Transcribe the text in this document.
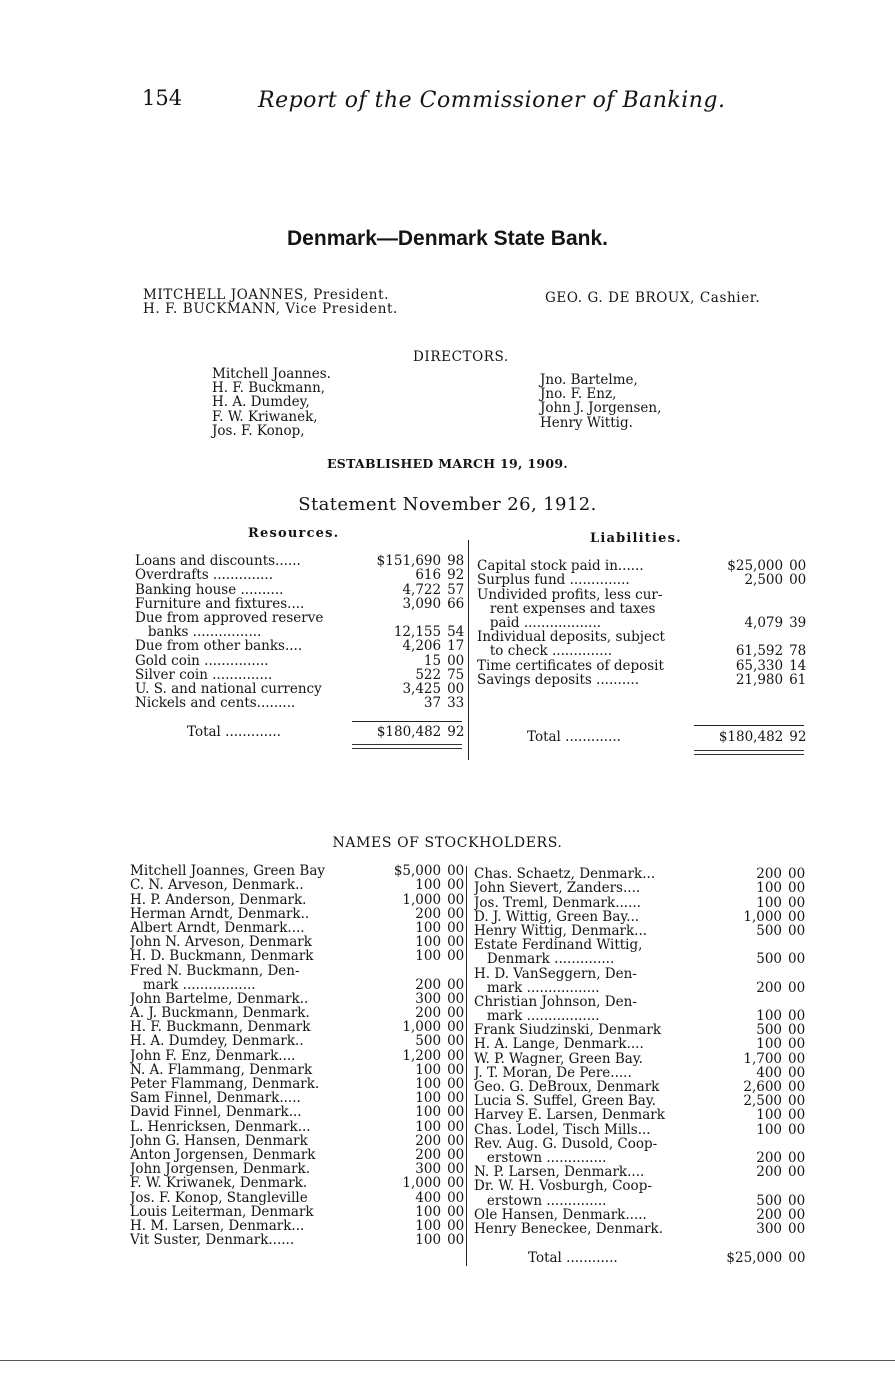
154	Report of the Commissioner of Banking.
Denmark—Denmark State Bank.
MITCHELL JOANNES, President.
H. F. BUCKMANN, Vice President.
GEO. G. DE BROUX, Cashier.
DIRECTORS.
Mitchell Joannes.
H. F. Buckmann,
H. A. Dumdey,
F. W. Kriwanek,
Jos. F. Konop,
Jno. Bartelme,
Jno. F. Enz,
John J. Jorgensen,
Henry Wittig.
ESTABLISHED MARCH 19, 1909.
Statement November 26, 1912.
Resources.	Liabilities.
Loans and discounts......	$151,690	98
Overdrafts ..............	616	92
Banking house ..........	4,722	57
Furniture and fixtures....	3,090	66
Due from approved reserve		
banks ................	12,155	54
Due from other banks....	4,206	17
Gold coin ...............	15	00
Silver coin ..............	522	75
U. S. and national currency	3,425	00
Nickels and cents.........	37	33
Total .............	$180,482	92
Capital stock paid in......	$25,000	00
Surplus fund ..............	2,500	00
Undivided profits, less cur-		
rent expenses and taxes		
paid ..................	4,079	39
Individual deposits, subject		
to check ..............	61,592	78
Time certificates of deposit	65,330	14
Savings deposits ..........	21,980	61
Total .............	$180,482	92
NAMES OF STOCKHOLDERS.
Mitchell Joannes, Green Bay	$5,000	00
C. N. Arveson, Denmark..	100	00
H. P. Anderson, Denmark.	1,000	00
Herman Arndt, Denmark..	200	00
Albert Arndt, Denmark....	100	00
John N. Arveson, Denmark	100	00
H. D. Buckmann, Denmark	100	00
Fred N. Buckmann, Den-		
mark .................	200	00
John Bartelme, Denmark..	300	00
A. J. Buckmann, Denmark.	200	00
H. F. Buckmann, Denmark	1,000	00
H. A. Dumdey, Denmark..	500	00
John F. Enz, Denmark....	1,200	00
N. A. Flammang, Denmark	100	00
Peter Flammang, Denmark.	100	00
Sam Finnel, Denmark.....	100	00
David Finnel, Denmark...	100	00
L. Henricksen, Denmark...	100	00
John G. Hansen, Denmark	200	00
Anton Jorgensen, Denmark	200	00
John Jorgensen, Denmark.	300	00
F. W. Kriwanek, Denmark.	1,000	00
Jos. F. Konop, Stangleville	400	00
Louis Leiterman, Denmark	100	00
H. M. Larsen, Denmark...	100	00
Vit Suster, Denmark......	100	00
Chas. Schaetz, Denmark...	200	00
John Sievert, Zanders....	100	00
Jos. Treml, Denmark......	100	00
D. J. Wittig, Green Bay...	1,000	00
Henry Wittig, Denmark...	500	00
Estate Ferdinand Wittig,		
Denmark ..............	500	00
H. D. VanSeggern, Den-		
mark .................	200	00
Christian Johnson, Den-		
mark .................	100	00
Frank Siudzinski, Denmark	500	00
H. A. Lange, Denmark....	100	00
W. P. Wagner, Green Bay.	1,700	00
J. T. Moran, De Pere.....	400	00
Geo. G. DeBroux, Denmark	2,600	00
Lucia S. Suffel, Green Bay.	2,500	00
Harvey E. Larsen, Denmark	100	00
Chas. Lodel, Tisch Mills...	100	00
Rev. Aug. G. Dusold, Coop-		
erstown ..............	200	00
N. P. Larsen, Denmark....	200	00
Dr. W. H. Vosburgh, Coop-		
erstown ..............	500	00
Ole Hansen, Denmark.....	200	00
Henry Beneckee, Denmark.	300	00
Total ............	$25,000	00
